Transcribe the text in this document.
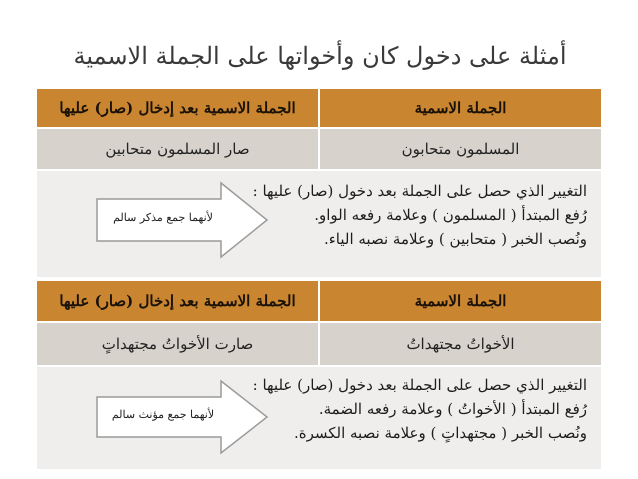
أمثلة على دخول كان وأخواتها على الجملة الاسمية
الجملة الاسمية
الجملة الاسمية بعد إدخال (صار) عليها
المسلمون متحابون
صار المسلمون متحابين
التغيير الذي حصل على الجملة بعد دخول (صار) عليها :
رُفع المبتدأ ( المسلمون ) وعلامة رفعه الواو.
ونُصب الخبر ( متحابين ) وعلامة نصبه الياء.
لأنهما جمع مذكر سالم
الجملة الاسمية
الجملة الاسمية بعد إدخال (صار) عليها
الأخواتُ مجتهداتُ
صارت الأخواتُ مجتهداتٍ
التغيير الذي حصل على الجملة بعد دخول (صار) عليها :
رُفع المبتدأ ( الأخواتُ ) وعلامة رفعه الضمة.
ونُصب الخبر ( مجتهداتٍ ) وعلامة نصبه الكسرة.
لأنهما جمع مؤنث سالم
